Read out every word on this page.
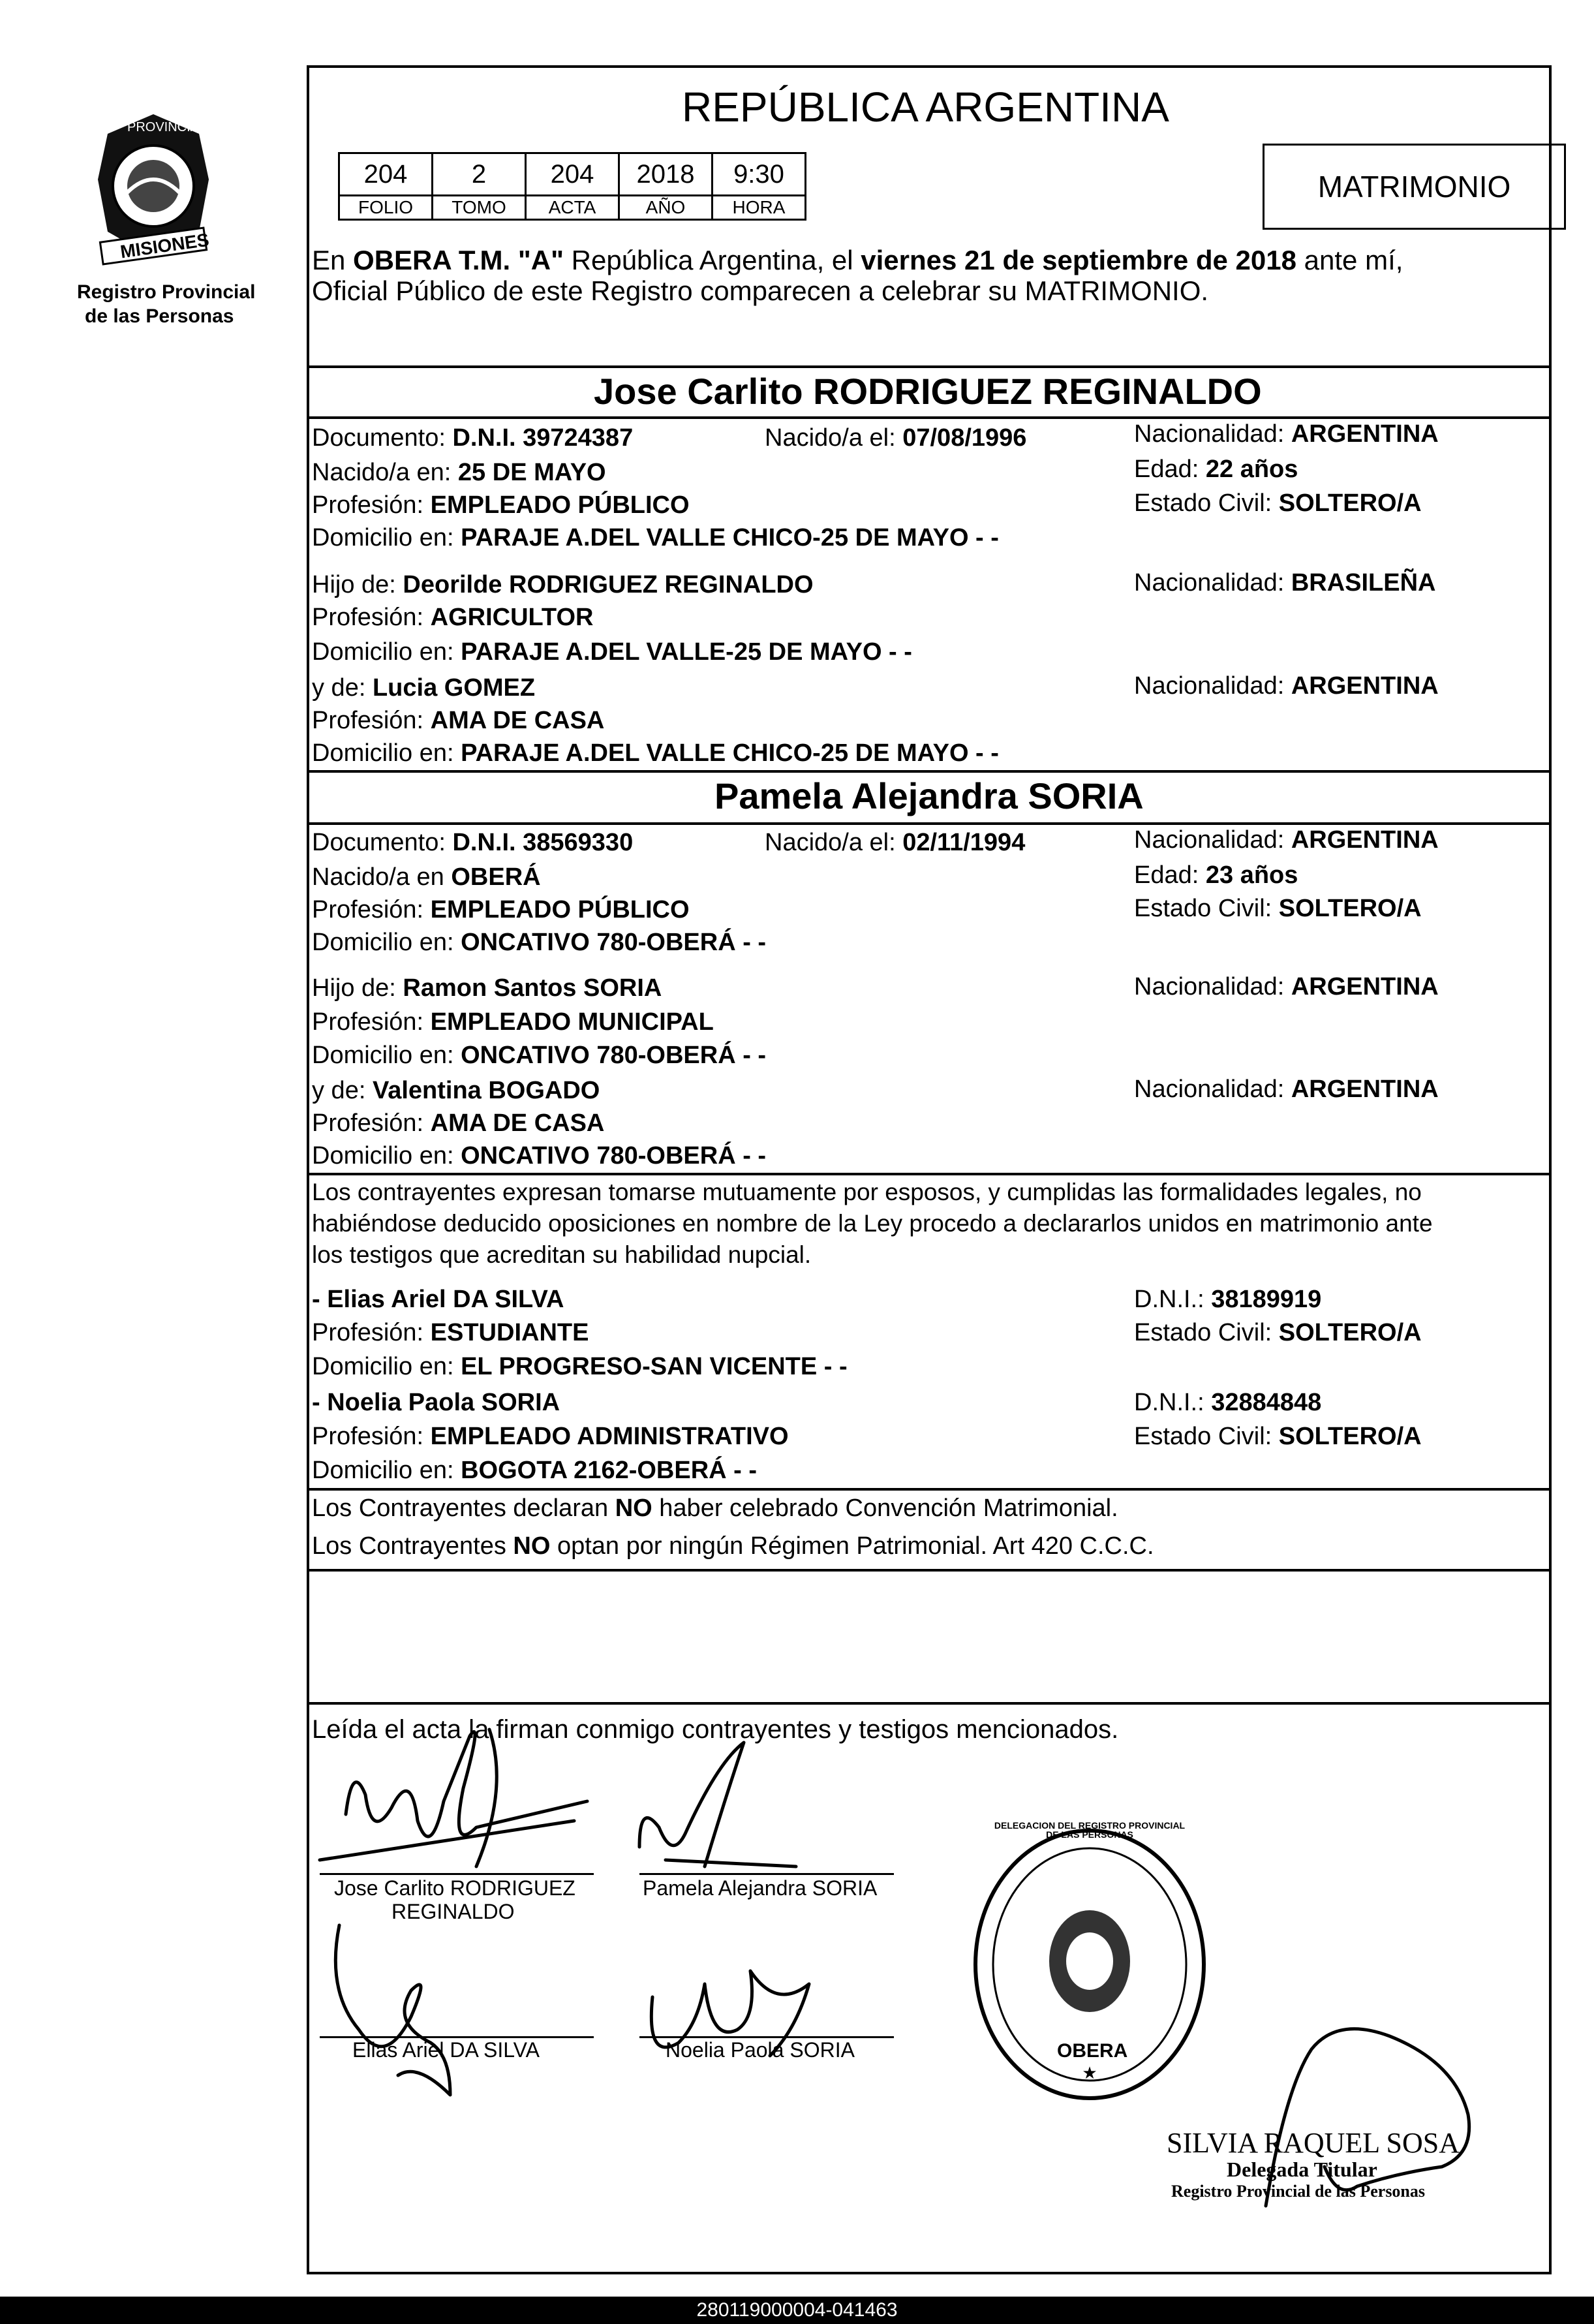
MISIONES
PROVINCIA DE
Registro Provincial
de las Personas
REPÚBLICA ARGENTINA
204	2	204	2018	9:30
FOLIO	TOMO	ACTA	AÑO	HORA
MATRIMONIO
En OBERA T.M. "A" República Argentina, el viernes 21 de septiembre de 2018 ante mí,
Oficial Público de este Registro comparecen a celebrar su MATRIMONIO.
Jose Carlito RODRIGUEZ REGINALDO
Documento: D.N.I. 39724387	Nacido/a el: 07/08/1996	Nacionalidad: ARGENTINA
Nacido/a en: 25 DE MAYO	Edad: 22 años
Profesión: EMPLEADO PÚBLICO	Estado Civil: SOLTERO/A
Domicilio en: PARAJE A.DEL VALLE CHICO-25 DE MAYO - -
Hijo de: Deorilde RODRIGUEZ REGINALDO	Nacionalidad: BRASILEÑA
Profesión: AGRICULTOR
Domicilio en: PARAJE A.DEL VALLE-25 DE MAYO - -
y de: Lucia GOMEZ	Nacionalidad: ARGENTINA
Profesión: AMA DE CASA
Domicilio en: PARAJE A.DEL VALLE CHICO-25 DE MAYO - -
Pamela Alejandra SORIA
Documento: D.N.I. 38569330	Nacido/a el: 02/11/1994	Nacionalidad: ARGENTINA
Nacido/a en OBERÁ	Edad: 23 años
Profesión: EMPLEADO PÚBLICO	Estado Civil: SOLTERO/A
Domicilio en: ONCATIVO 780-OBERÁ - -
Hijo de: Ramon Santos SORIA	Nacionalidad: ARGENTINA
Profesión: EMPLEADO MUNICIPAL
Domicilio en: ONCATIVO 780-OBERÁ - -
y de: Valentina BOGADO	Nacionalidad: ARGENTINA
Profesión: AMA DE CASA
Domicilio en: ONCATIVO 780-OBERÁ - -
Los contrayentes expresan tomarse mutuamente por esposos, y cumplidas las formalidades legales, no
habiéndose deducido oposiciones en nombre de la Ley procedo a declararlos unidos en matrimonio ante
los testigos que acreditan su habilidad nupcial.
- Elias Ariel DA SILVA	D.N.I.: 38189919
Profesión: ESTUDIANTE	Estado Civil: SOLTERO/A
Domicilio en: EL PROGRESO-SAN VICENTE - -
- Noelia Paola SORIA	D.N.I.: 32884848
Profesión: EMPLEADO ADMINISTRATIVO	Estado Civil: SOLTERO/A
Domicilio en: BOGOTA 2162-OBERÁ - -
Los Contrayentes declaran NO haber celebrado Convención Matrimonial.
Los Contrayentes NO optan por ningún Régimen Patrimonial. Art 420 C.C.C.
Leída el acta la firman conmigo contrayentes y testigos mencionados.
Jose Carlito RODRIGUEZ
REGINALDO
Pamela Alejandra SORIA
Elias Ariel DA SILVA	Noelia Paola SORIA
★
DELEGACION DEL REGISTRO PROVINCIAL DE LAS PERSONAS
OBERA
SILVIA RAQUEL SOSA
Delegada Titular
Registro Provincial de las Personas
280119000004-041463
